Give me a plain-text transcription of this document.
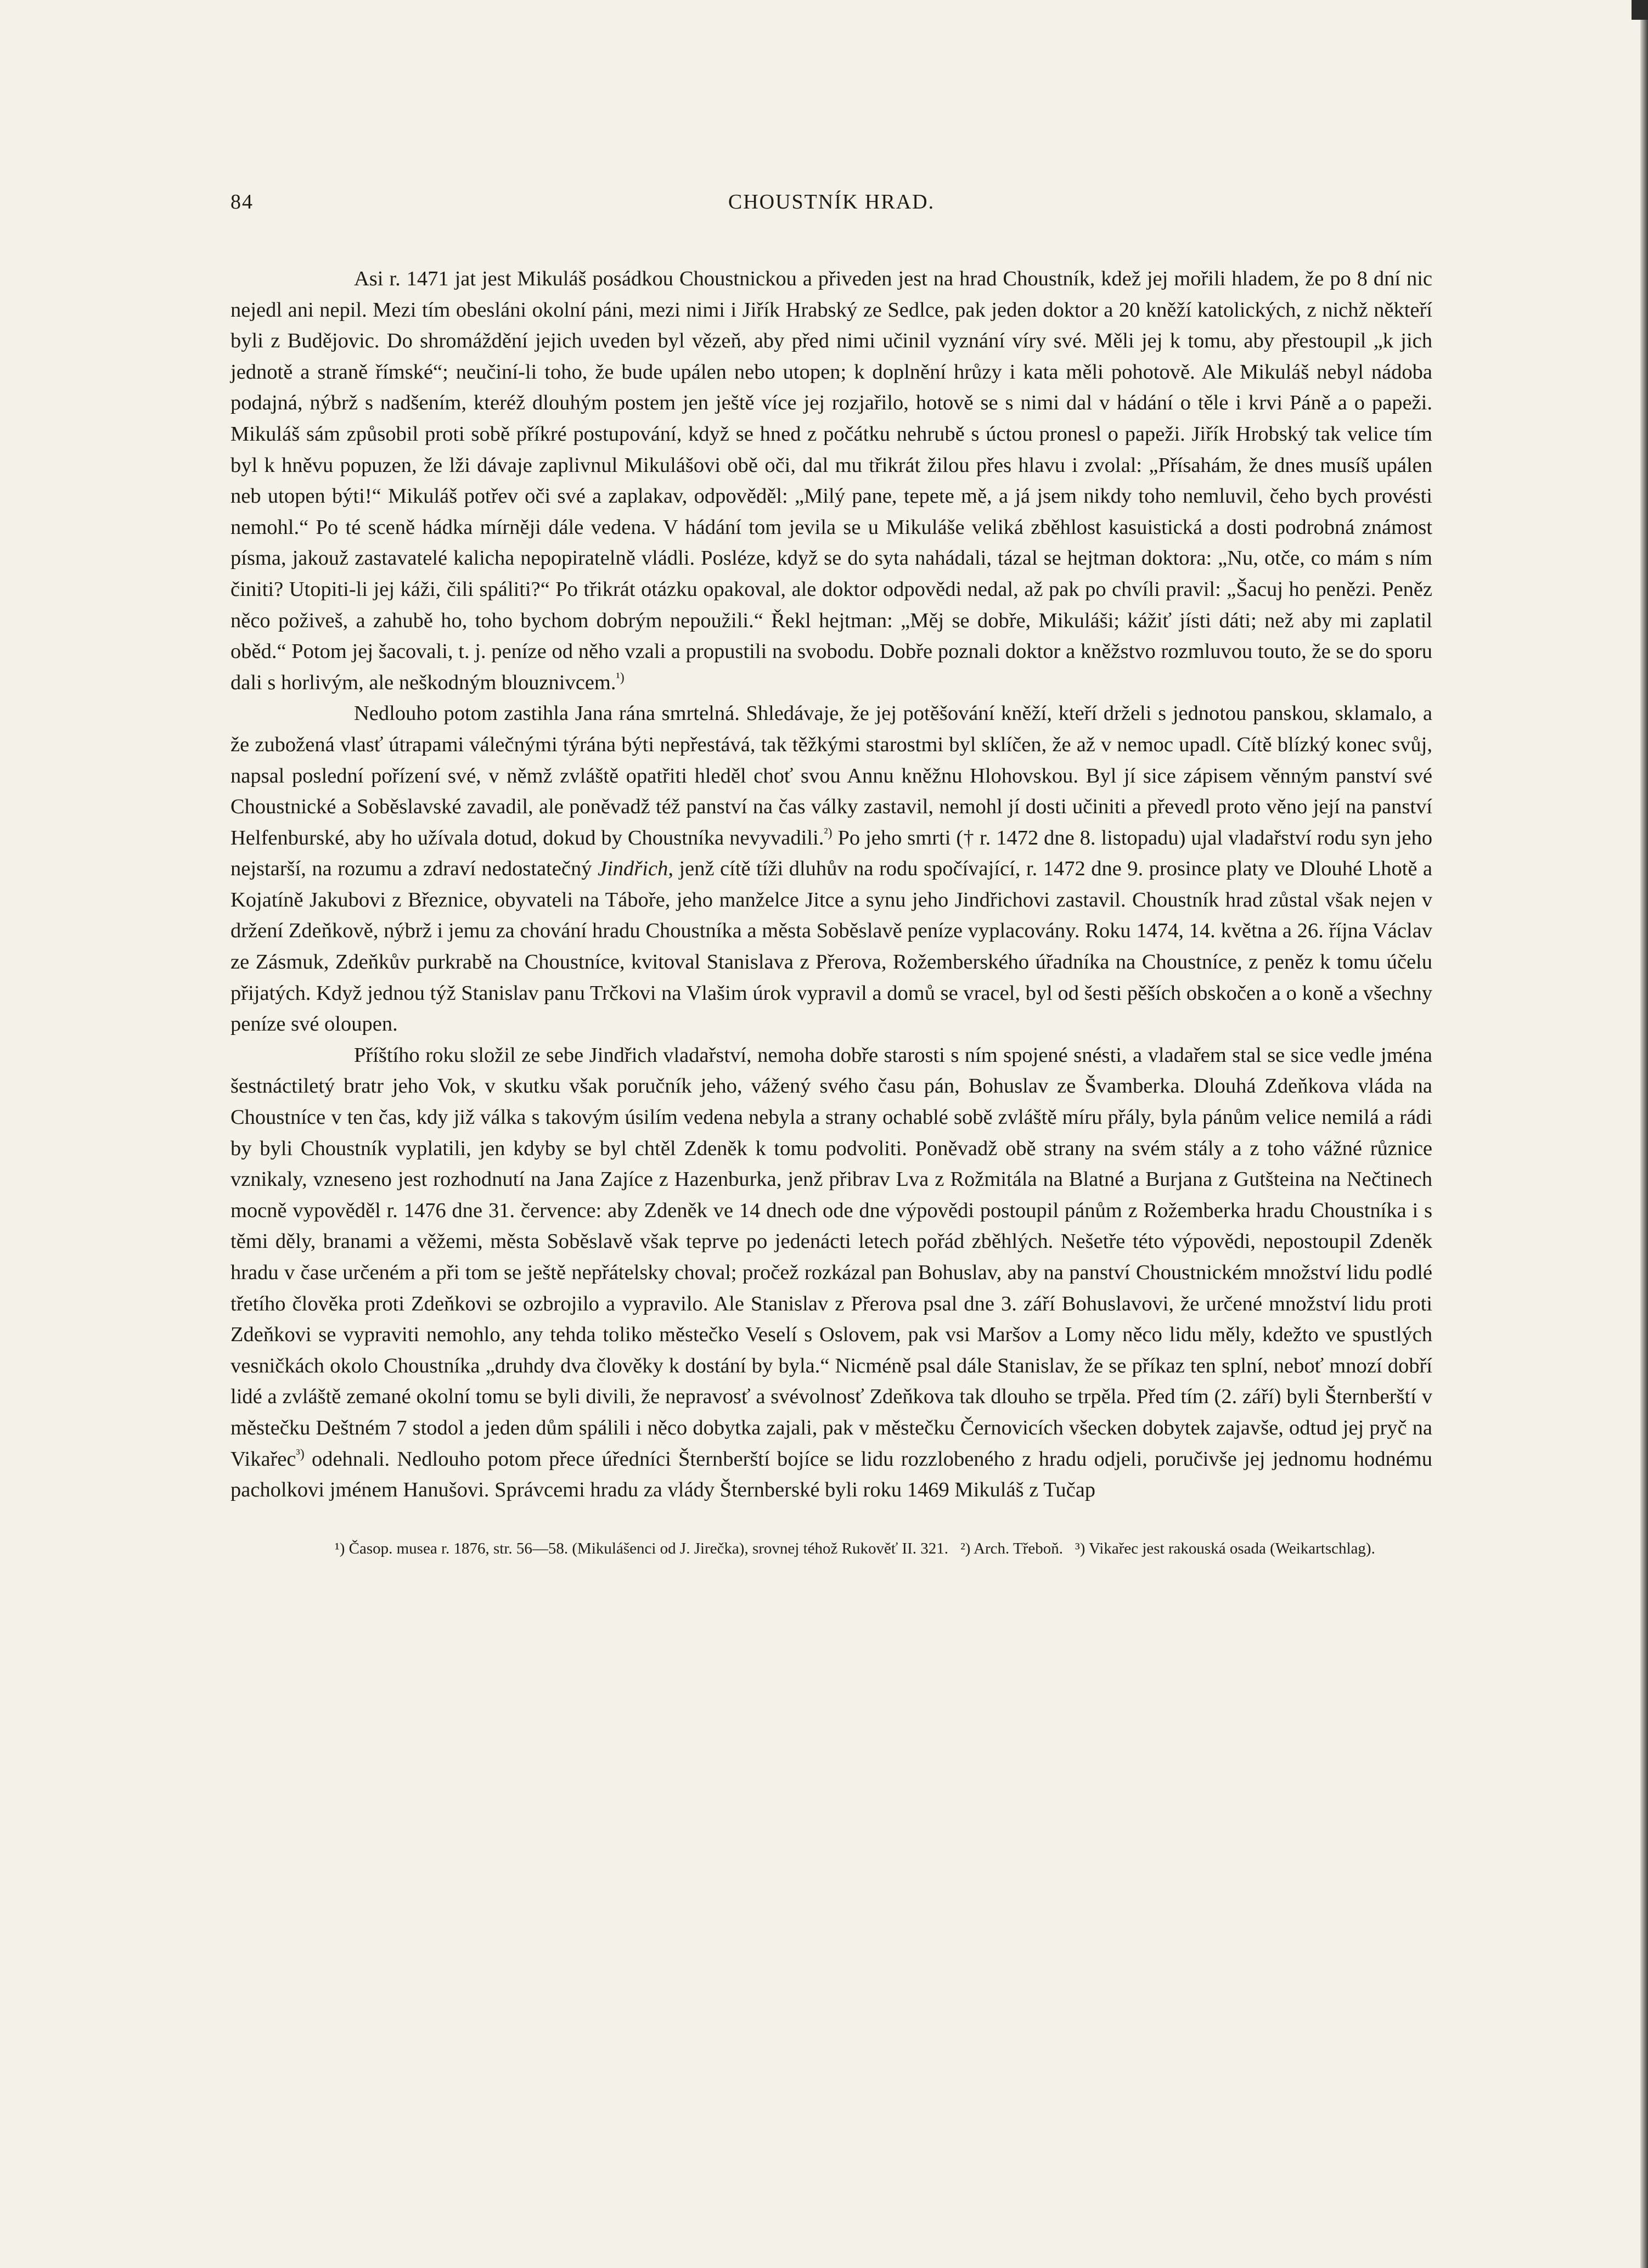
84	CHOUSTNÍK HRAD.

Asi r. 1471 jat jest Mikuláš posádkou Choustnickou a přiveden jest na hrad Choustník, kdež jej mořili hladem, že po 8 dní nic nejedl ani nepil. Mezi tím obesláni okolní páni, mezi nimi i Jiřík Hrabský ze Sedlce, pak jeden doktor a 20 kněží katolických, z nichž někteří byli z Budějovic. Do shromáždění jejich uveden byl vězeň, aby před nimi učinil vyznání víry své. Měli jej k tomu, aby přestoupil „k jich jednotě a straně římské“; neučiní-li toho, že bude upálen nebo utopen; k doplnění hrůzy i kata měli pohotově. Ale Mikuláš nebyl nádoba podajná, nýbrž s nadšením, kteréž dlouhým postem jen ještě více jej rozjařilo, hotově se s nimi dal v hádání o těle i krvi Páně a o papeži. Mikuláš sám způsobil proti sobě příkré postupování, když se hned z počátku nehrubě s úctou pronesl o papeži. Jiřík Hrobský tak velice tím byl k hněvu popuzen, že lži dávaje zaplivnul Mikulášovi obě oči, dal mu třikrát žilou přes hlavu i zvolal: „Přísahám, že dnes musíš upálen neb utopen býti!“ Mikuláš potřev oči své a zaplakav, odpověděl: „Milý pane, tepete mě, a já jsem nikdy toho nemluvil, čeho bych provésti nemohl.“ Po té sceně hádka mírněji dále vedena. V hádání tom jevila se u Mikuláše veliká zběhlost kasuistická a dosti podrobná známost písma, jakouž zastavatelé kalicha nepopiratelně vládli. Posléze, když se do syta nahádali, tázal se hejtman doktora: „Nu, otče, co mám s ním činiti? Utopiti-li jej káži, čili spáliti?“ Po třikrát otázku opakoval, ale doktor odpovědi nedal, až pak po chvíli pravil: „Šacuj ho penězi. Peněz něco poživeš, a zahubě ho, toho bychom dobrým nepoužili.“ Řekl hejtman: „Měj se dobře, Mikuláši; kážiť jísti dáti; než aby mi zaplatil oběd.“ Potom jej šacovali, t. j. peníze od něho vzali a propustili na svobodu. Dobře poznali doktor a kněžstvo rozmluvou touto, že se do sporu dali s horlivým, ale neškodným blouznivcem.$^{^1)}$

Nedlouho potom zastihla Jana rána smrtelná. Shledávaje, že jej potěšování kněží, kteří drželi s jednotou panskou, sklamalo, a že zubožená vlasť útrapami válečnými týrána býti nepřestává, tak těžkými starostmi byl sklíčen, že až v nemoc upadl. Cítě blízký konec svůj, napsal poslední pořízení své, v němž zvláště opatřiti hleděl choť svou Annu kněžnu Hlohovskou. Byl jí sice zápisem věnným panství své Choustnické a Soběslavské zavadil, ale poněvadž též panství na čas války zastavil, nemohl jí dosti učiniti a převedl proto věno její na panství Helfenburské, aby ho užívala dotud, dokud by Choustníka nevyvadili.$^{^2)}$ Po jeho smrti († r. 1472 dne 8. listopadu) ujal vladařství rodu syn jeho nejstarší, na rozumu a zdraví nedostatečný Jindřich, jenž cítě tíži dluhův na rodu spočívající, r. 1472 dne 9. prosince platy ve Dlouhé Lhotě a Kojatíně Jakubovi z Březnice, obyvateli na Táboře, jeho manželce Jitce a synu jeho Jindřichovi zastavil. Choustník hrad zůstal však nejen v držení Zdeňkově, nýbrž i jemu za chování hradu Choustníka a města Soběslavě peníze vyplacovány. Roku 1474, 14. května a 26. října Václav ze Zásmuk, Zdeňkův purkrabě na Choustníce, kvitoval Stanislava z Přerova, Rožemberského úřadníka na Choustníce, z peněz k tomu účelu přijatých. Když jednou týž Stanislav panu Trčkovi na Vlašim úrok vypravil a domů se vracel, byl od šesti pěších obskočen a o koně a všechny peníze své oloupen.

Příštího roku složil ze sebe Jindřich vladařství, nemoha dobře starosti s ním spojené snésti, a vladařem stal se sice vedle jména šestnáctiletý bratr jeho Vok, v skutku však poručník jeho, vážený svého času pán, Bohuslav ze Švamberka. Dlouhá Zdeňkova vláda na Choustníce v ten čas, kdy již válka s takovým úsilím vedena nebyla a strany ochablé sobě zvláště míru přály, byla pánům velice nemilá a rádi by byli Choustník vyplatili, jen kdyby se byl chtěl Zdeněk k tomu podvoliti. Poněvadž obě strany na svém stály a z toho vážné různice vznikaly, vzneseno jest rozhodnutí na Jana Zajíce z Hazenburka, jenž přibrav Lva z Rožmitála na Blatné a Burjana z Gutšteina na Nečtinech mocně vypověděl r. 1476 dne 31. července: aby Zdeněk ve 14 dnech ode dne výpovědi postoupil pánům z Rožemberka hradu Choustníka i s těmi děly, branami a věžemi, města Soběslavě však teprve po jedenácti letech pořád zběhlých. Nešetře této výpovědi, nepostoupil Zdeněk hradu v čase určeném a při tom se ještě nepřátelsky choval; pročež rozkázal pan Bohuslav, aby na panství Choustnickém množství lidu podlé třetího člověka proti Zdeňkovi se ozbrojilo a vypravilo. Ale Stanislav z Přerova psal dne 3. září Bohuslavovi, že určené množství lidu proti Zdeňkovi se vypraviti nemohlo, any tehda toliko městečko Veselí s Oslovem, pak vsi Maršov a Lomy něco lidu měly, kdežto ve spustlých vesničkách okolo Choustníka „druhdy dva člověky k dostání by byla.“ Nicméně psal dále Stanislav, že se příkaz ten splní, neboť mnozí dobří lidé a zvláště zemané okolní tomu se byli divili, že nepravosť a svévolnosť Zdeňkova tak dlouho se trpěla. Před tím (2. září) byli Šternberští v městečku Deštném 7 stodol a jeden dům spálili i něco dobytka zajali, pak v městečku Černovicích všecken dobytek zajavše, odtud jej pryč na Vikařec$^{^3)}$ odehnali. Nedlouho potom přece úředníci Šternberští bojíce se lidu rozzlobeného z hradu odjeli, poručivše jej jednomu hodnému pacholkovi jménem Hanušovi. Správcemi hradu za vlády Šternberské byli roku 1469 Mikuláš z Tučap

¹) Časop. musea r. 1876, str. 56—58. (Mikulášenci od J. Jirečka), srovnej téhož Rukověť II. 321. ²) Arch. Třeboň. ³) Vikařec jest rakouská osada (Weikartschlag).
